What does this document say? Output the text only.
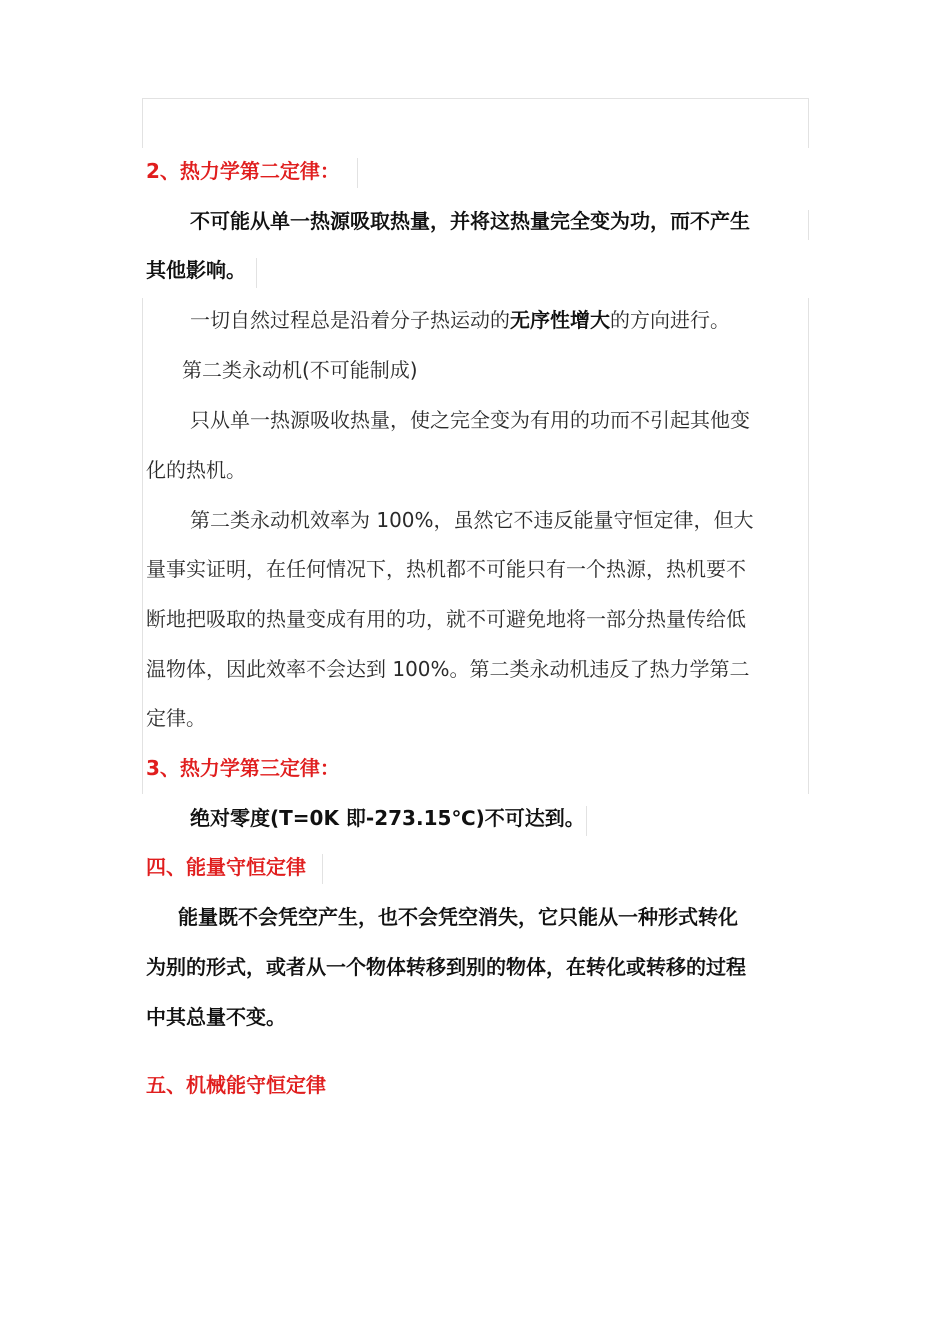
2、热力学第二定律：
不可能从单一热源吸取热量，并将这热量完全变为功，而不产生
其他影响。
一切自然过程总是沿着分子热运动的无序性增大的方向进行。
第二类永动机(不可能制成)
只从单一热源吸收热量，使之完全变为有用的功而不引起其他变
化的热机。
第二类永动机效率为 100%，虽然它不违反能量守恒定律，但大
量事实证明，在任何情况下，热机都不可能只有一个热源，热机要不
断地把吸取的热量变成有用的功，就不可避免地将一部分热量传给低
温物体，因此效率不会达到 100%。第二类永动机违反了热力学第二
定律。
3、热力学第三定律：
绝对零度(T=0K 即-273.15℃)不可达到。
四、能量守恒定律
能量既不会凭空产生，也不会凭空消失，它只能从一种形式转化
为别的形式，或者从一个物体转移到别的物体，在转化或转移的过程
中其总量不变。
五、机械能守恒定律
